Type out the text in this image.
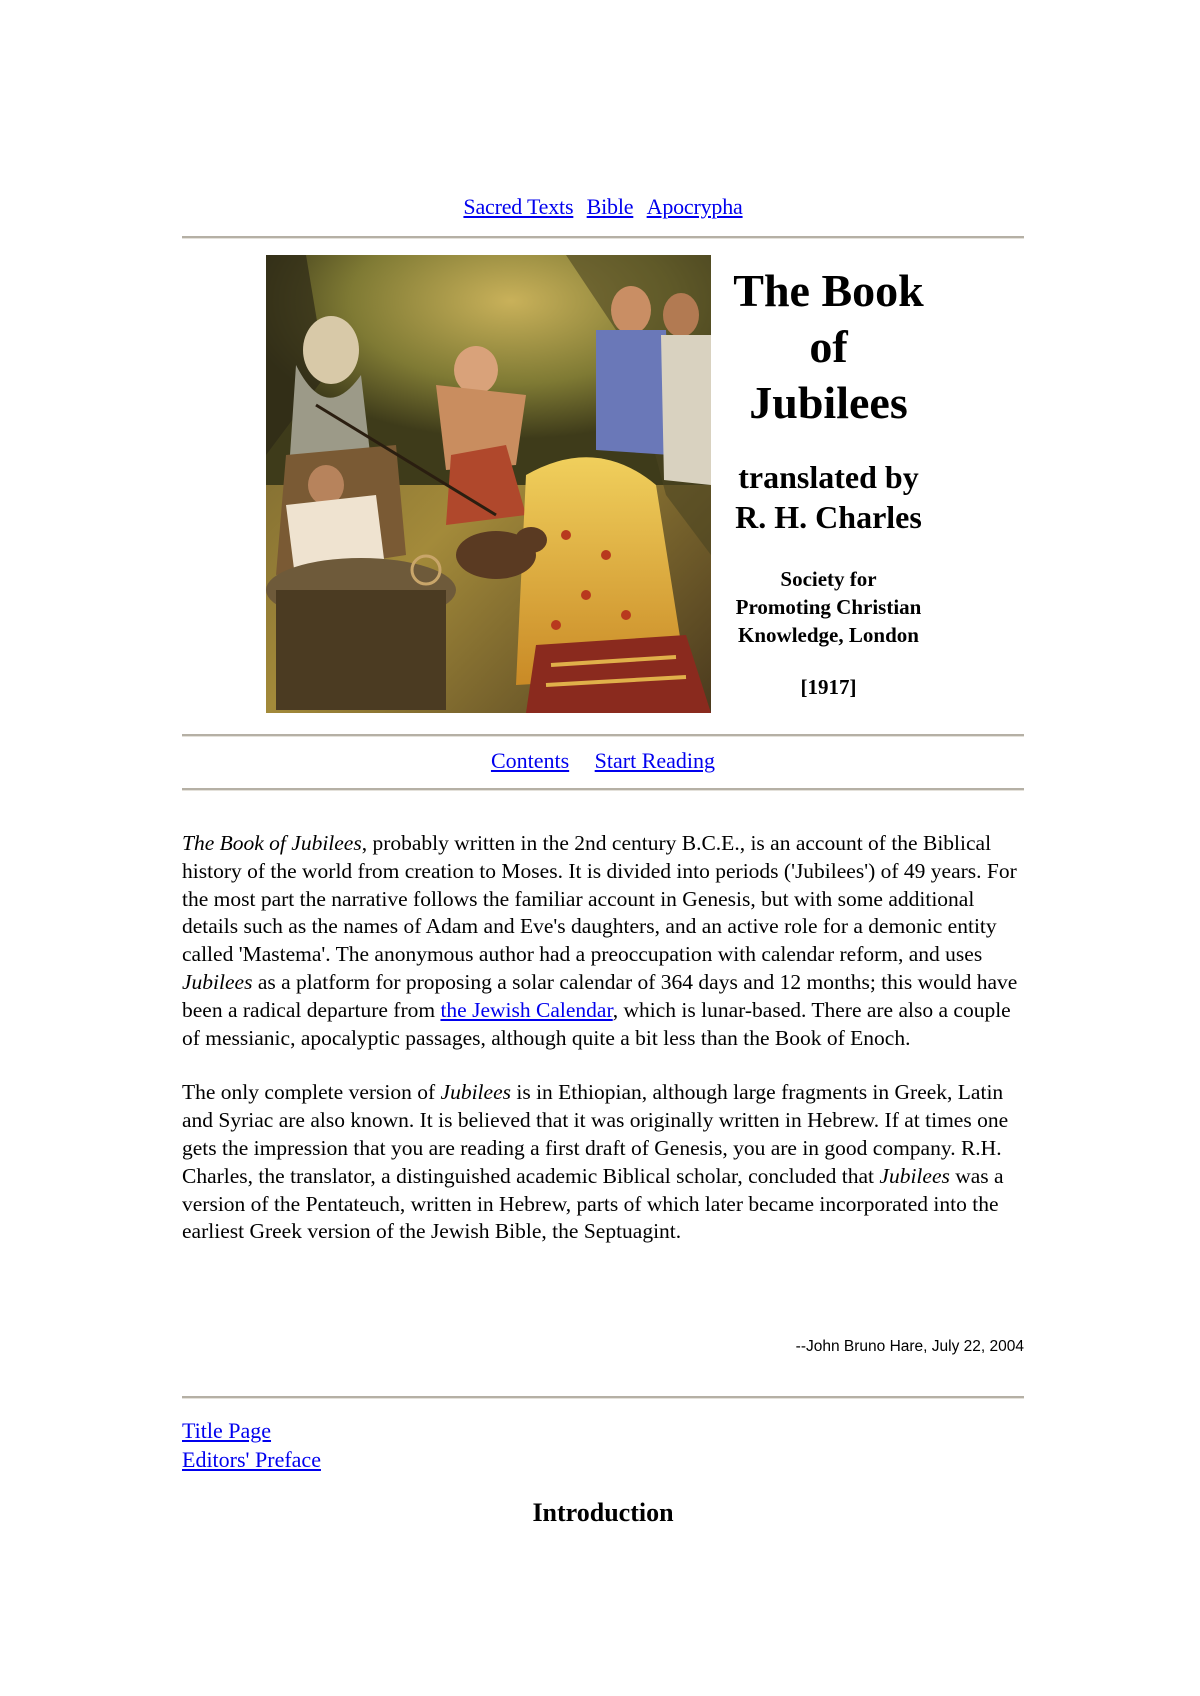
Sacred Texts Bible Apocrypha
The Book
of
Jubilees

translated by
R. H. Charles

Society for
Promoting Christian
Knowledge, London

[1917]

Contents Start Reading

The Book of Jubilees, probably written in the 2nd century B.C.E., is an account of the Biblical history of the world from creation to Moses. It is divided into periods ('Jubilees') of 49 years. For the most part the narrative follows the familiar account in Genesis, but with some additional details such as the names of Adam and Eve's daughters, and an active role for a demonic entity called 'Mastema'. The anonymous author had a preoccupation with calendar reform, and uses Jubilees as a platform for proposing a solar calendar of 364 days and 12 months; this would have been a radical departure from the Jewish Calendar, which is lunar-based. There are also a couple of messianic, apocalyptic passages, although quite a bit less than the Book of Enoch.

The only complete version of Jubilees is in Ethiopian, although large fragments in Greek, Latin and Syriac are also known. It is believed that it was originally written in Hebrew. If at times one gets the impression that you are reading a first draft of Genesis, you are in good company. R.H. Charles, the translator, a distinguished academic Biblical scholar, concluded that Jubilees was a version of the Pentateuch, written in Hebrew, parts of which later became incorporated into the earliest Greek version of the Jewish Bible, the Septuagint.

--John Bruno Hare, July 22, 2004
Title Page
Editors' Preface
Introduction
